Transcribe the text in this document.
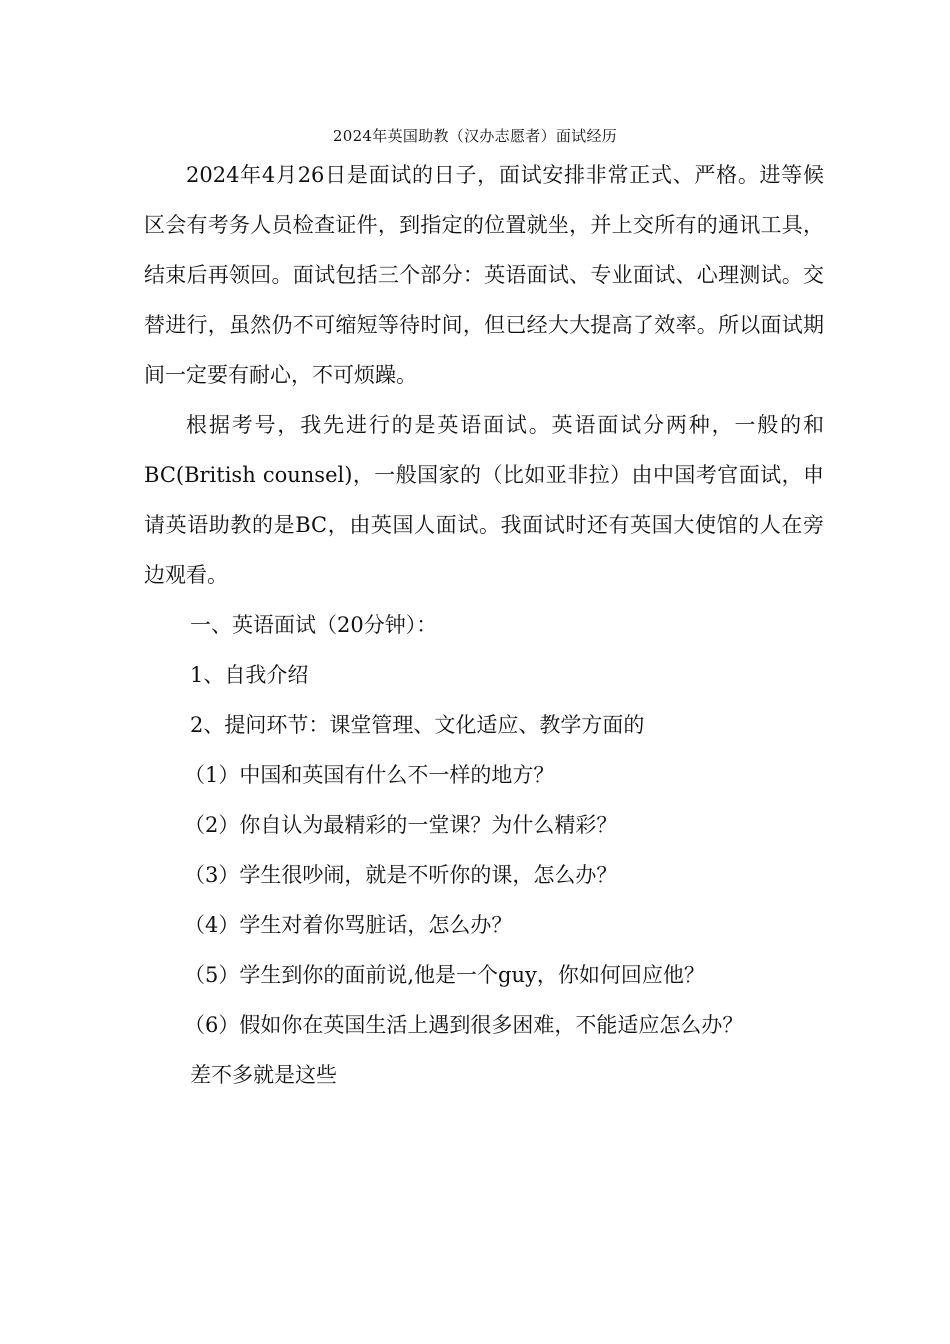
2024年英国助教（汉办志愿者）面试经历

2024年4月26日是面试的日子，面试安排非常正式、严格。进等候区会有考务人员检查证件，到指定的位置就坐，并上交所有的通讯工具，结束后再领回。面试包括三个部分：英语面试、专业面试、心理测试。交替进行，虽然仍不可缩短等待时间，但已经大大提高了效率。所以面试期间一定要有耐心，不可烦躁。

根据考号，我先进行的是英语面试。英语面试分两种，一般的和BC(British counsel)，一般国家的（比如亚非拉）由中国考官面试，申请英语助教的是BC，由英国人面试。我面试时还有英国大使馆的人在旁边观看。

一、英语面试（20分钟）：

1、自我介绍

2、提问环节：课堂管理、文化适应、教学方面的

（1）中国和英国有什么不一样的地方？

（2）你自认为最精彩的一堂课？为什么精彩？

（3）学生很吵闹，就是不听你的课，怎么办？

（4）学生对着你骂脏话，怎么办？

（5）学生到你的面前说,他是一个guy，你如何回应他？

（6）假如你在英国生活上遇到很多困难，不能适应怎么办？

差不多就是这些
